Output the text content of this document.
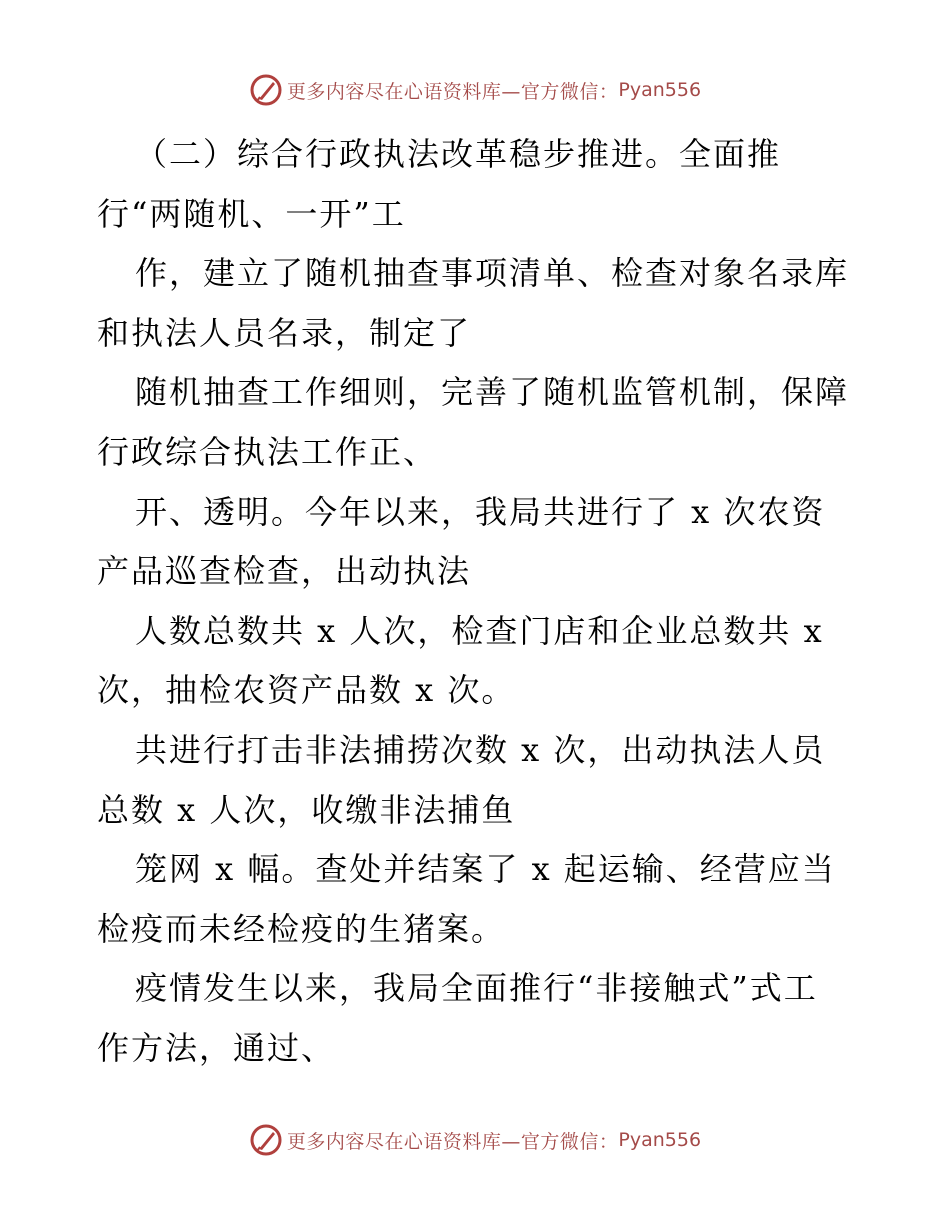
更多内容尽在心语资料库—官方微信： Pyan556
（二）综合行政执法改革稳步推进。全面推
行“两随机、一开”工
作，建立了随机抽查事项清单、检查对象名录库
和执法人员名录，制定了
随机抽查工作细则，完善了随机监管机制，保障
行政综合执法工作正、
开、透明。今年以来，我局共进行了 x 次农资
产品巡查检查，出动执法
人数总数共 x 人次，检查门店和企业总数共 x
次，抽检农资产品数 x 次。
共进行打击非法捕捞次数 x 次，出动执法人员
总数 x 人次，收缴非法捕鱼
笼网 x 幅。查处并结案了 x 起运输、经营应当
检疫而未经检疫的生猪案。
疫情发生以来，我局全面推行“非接触式”式工
作方法，通过、
更多内容尽在心语资料库—官方微信： Pyan556
